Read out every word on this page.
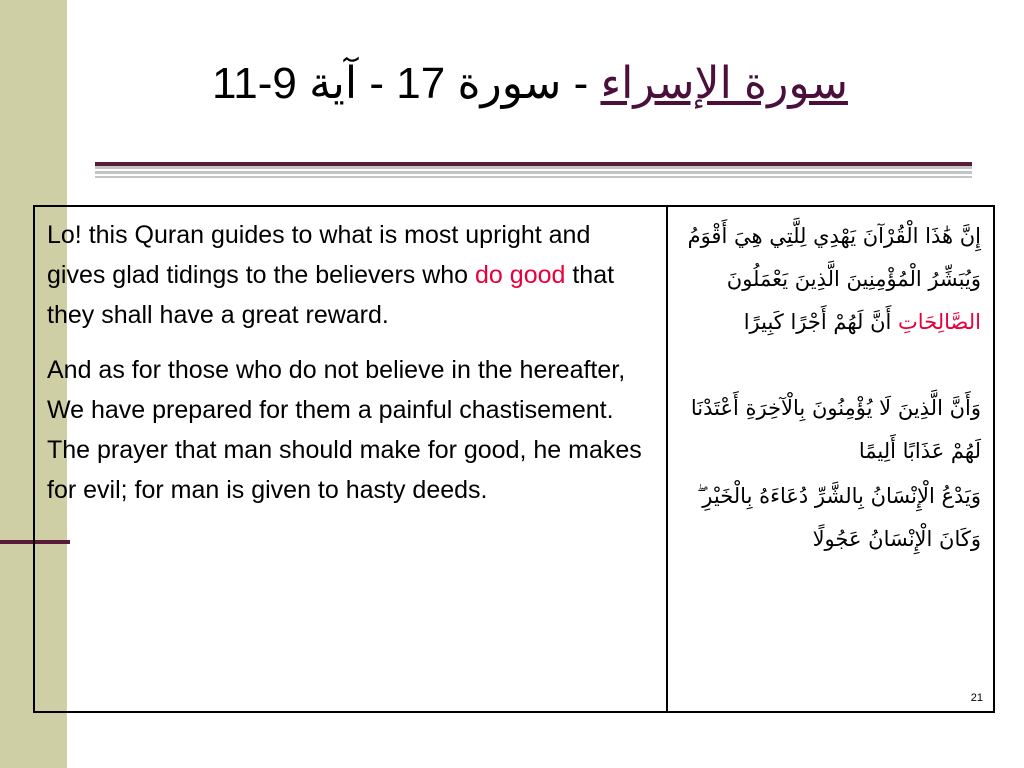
سورة الإسراء - سورة 17 - آية 9-11

Lo! this Quran guides to what is most upright and gives glad tidings to the believers who do good that they shall have a great reward.

And as for those who do not believe in the hereafter, We have prepared for them a painful chastisement.

The prayer that man should make for good, he makes for evil; for man is given to hasty deeds.

إِنَّ هَٰذَا الْقُرْآنَ يَهْدِي لِلَّتِي هِيَ أَقْوَمُ وَيُبَشِّرُ الْمُؤْمِنِينَ الَّذِينَ يَعْمَلُونَ الصَّالِحَاتِ أَنَّ لَهُمْ أَجْرًا كَبِيرًا

وَأَنَّ الَّذِينَ لَا يُؤْمِنُونَ بِالْآخِرَةِ أَعْتَدْنَا لَهُمْ عَذَابًا أَلِيمًا

وَيَدْعُ الْإِنْسَانُ بِالشَّرِّ دُعَاءَهُ بِالْخَيْرِ ۖ وَكَانَ الْإِنْسَانُ عَجُولًا

21
